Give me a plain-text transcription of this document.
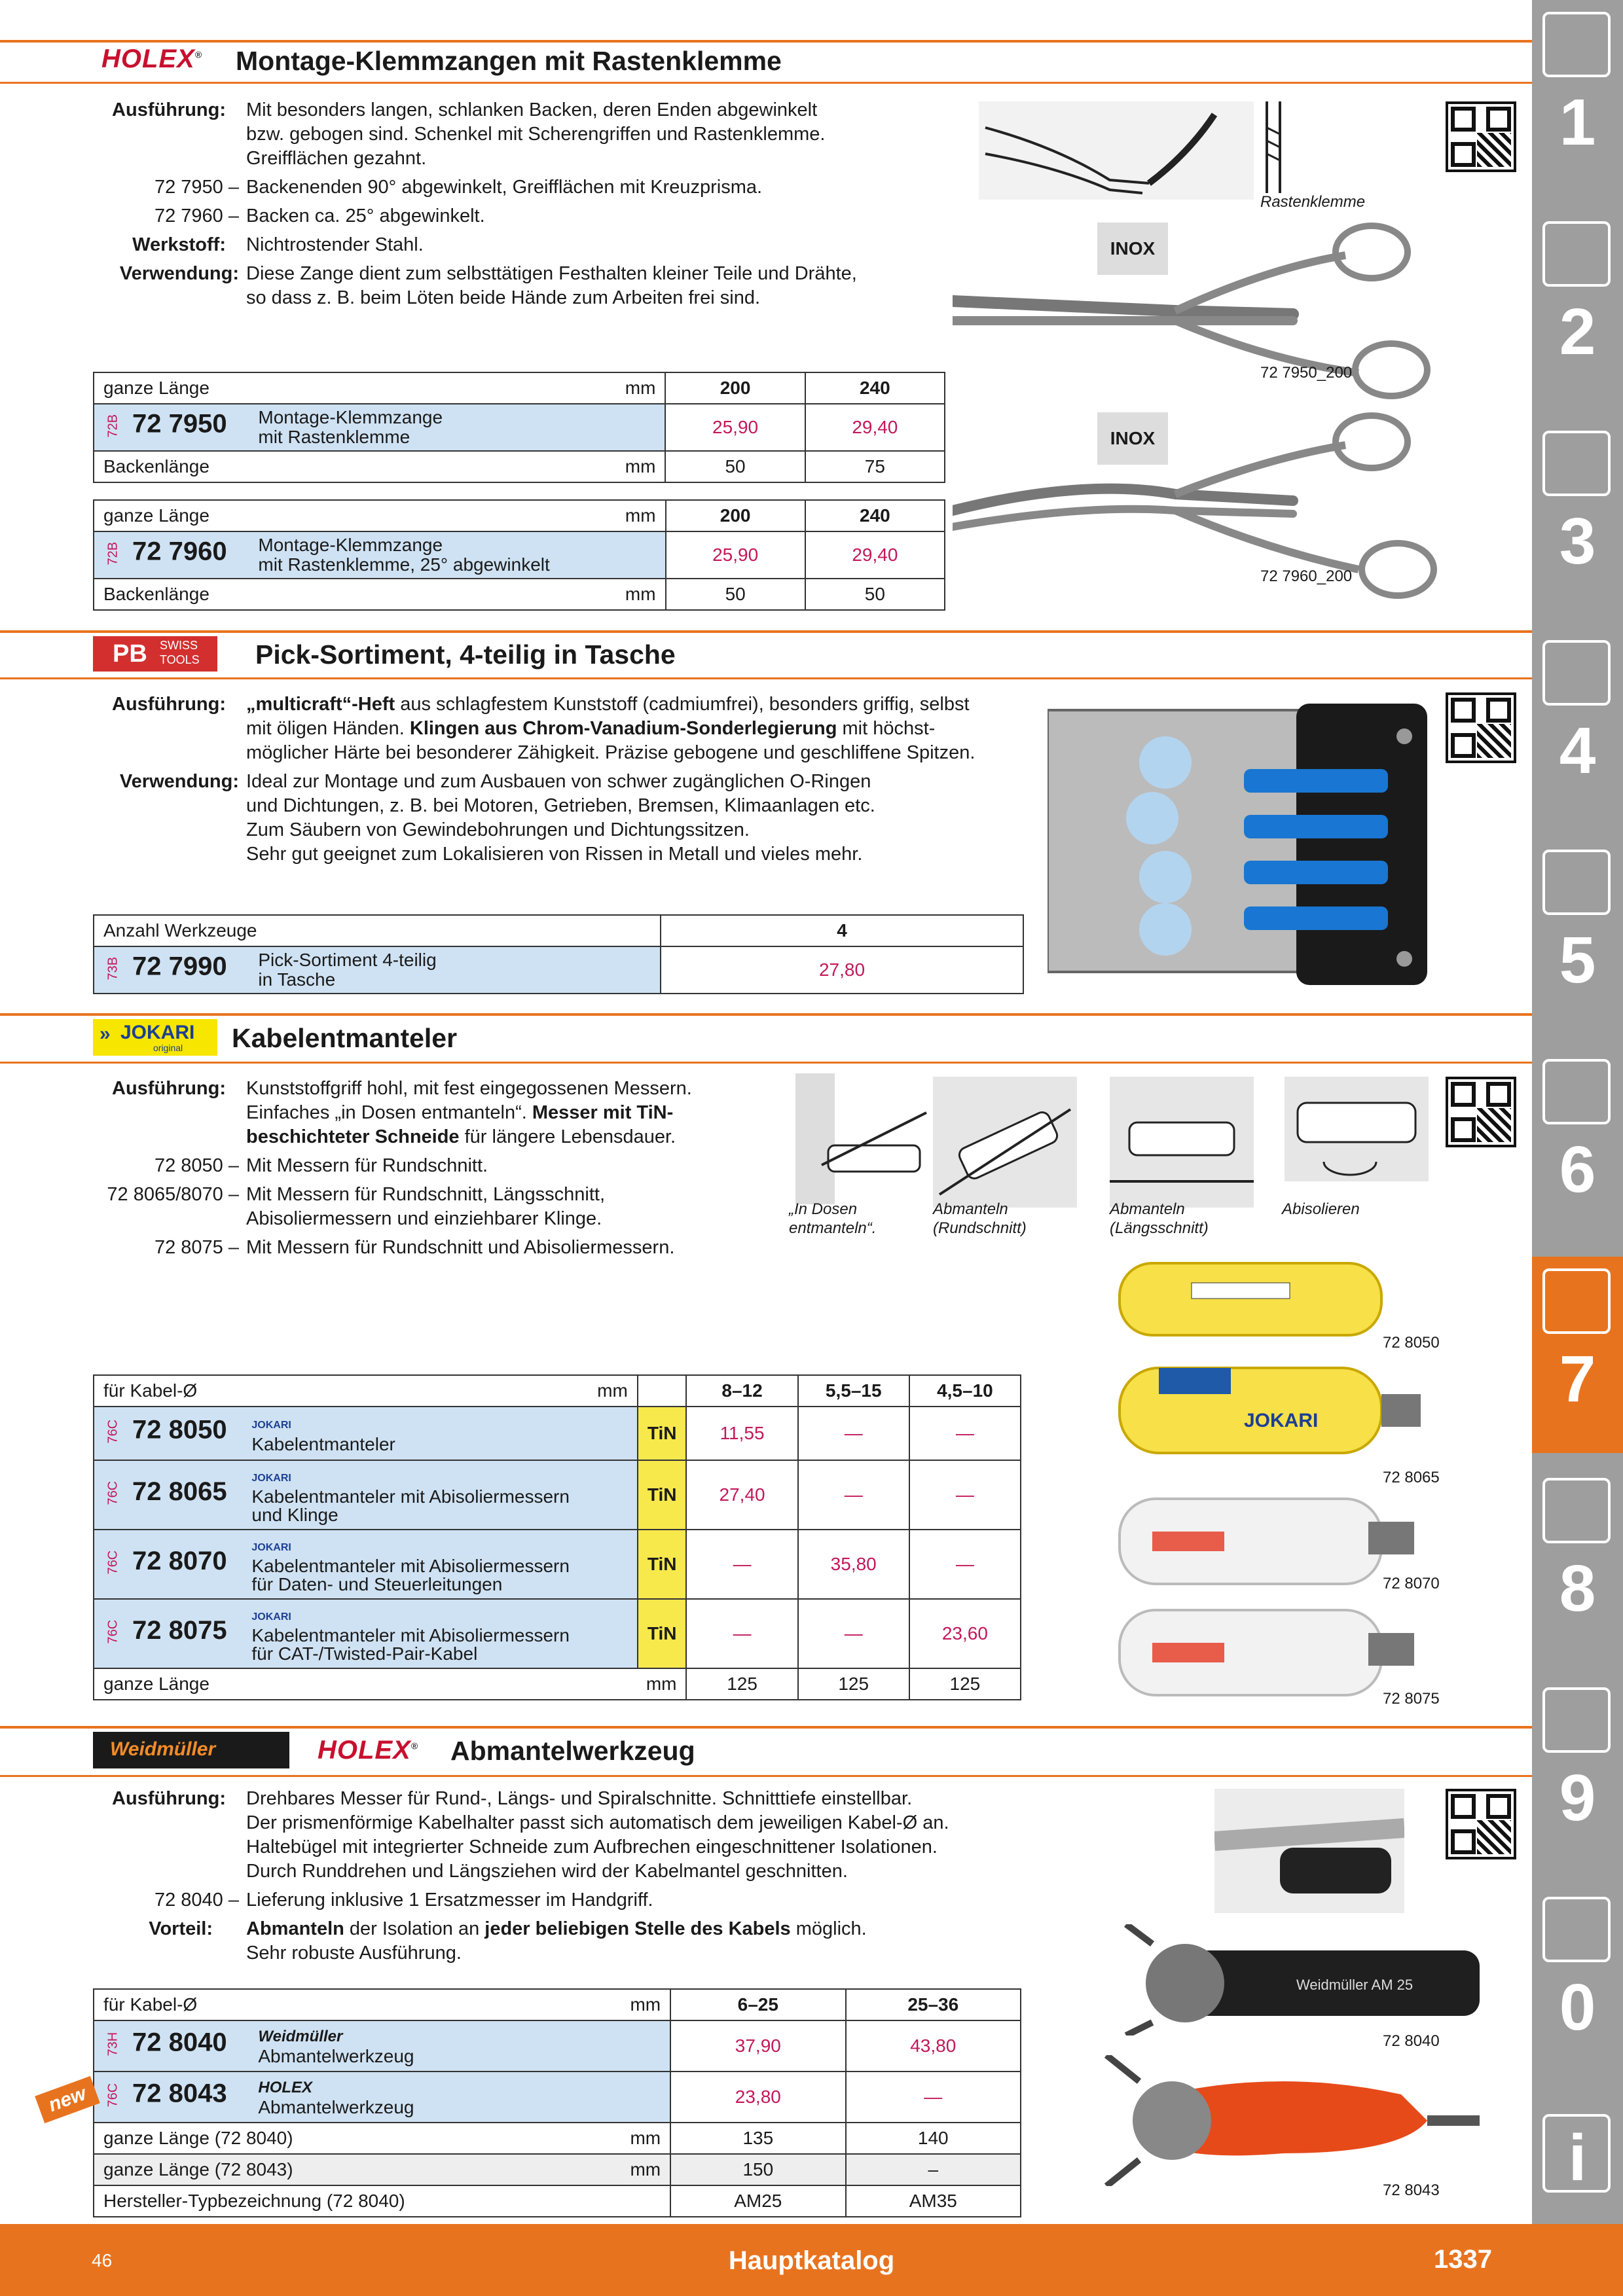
HOLEX® Montage-Klemmzangen mit Rastenklemme
Ausführung: Mit besonders langen, schlanken Backen, deren Enden abgewinkelt
bzw. gebogen sind. Schenkel mit Scherengriffen und Rastenklemme.
Greifflächen gezahnt.
72 7950 – Backenenden 90° abgewinkelt, Greifflächen mit Kreuzprisma.
72 7960 – Backen ca. 25° abgewinkelt.
Werkstoff: Nichtrostender Stahl.
Verwendung: Diese Zange dient zum selbsttätigen Festhalten kleiner Teile und Drähte,
so dass z. B. beim Löten beide Hände zum Arbeiten frei sind.
Rastenklemme
INOX
72 7950_200
INOX
72 7960_200
ganze Länge mm	200	240
72B 72 7950 Montage-Klemmzange
mit Rastenklemme	25,90	29,40
Backenlänge mm	50	75
ganze Länge mm	200	240
72B 72 7960 Montage-Klemmzange
mit Rastenklemme, 25° abgewinkelt	25,90	29,40
Backenlänge mm	50	50
PB SWISS
TOOLS Pick-Sortiment, 4-teilig in Tasche
Ausführung: „multicraft“-Heft aus schlagfestem Kunststoff (cadmiumfrei), besonders griffig, selbst
mit öligen Händen. Klingen aus Chrom-Vanadium-Sonderlegierung mit höchst-
möglicher Härte bei besonderer Zähigkeit. Präzise gebogene und geschliffene Spitzen.
Verwendung: Ideal zur Montage und zum Ausbauen von schwer zugänglichen O-Ringen
und Dichtungen, z. B. bei Motoren, Getrieben, Bremsen, Klimaanlagen etc.
Zum Säubern von Gewindebohrungen und Dichtungssitzen.
Sehr gut geeignet zum Lokalisieren von Rissen in Metall und vieles mehr.
Anzahl Werkzeuge	4
73B 72 7990 Pick-Sortiment 4-teilig
in Tasche	27,80
» JOKARI
original Kabelentmanteler
Ausführung: Kunststoffgriff hohl, mit fest eingegossenen Messern.
Einfaches „in Dosen entmanteln“. Messer mit TiN-
beschichteter Schneide für längere Lebensdauer.
72 8050 – Mit Messern für Rundschnitt.
72 8065/8070 – Mit Messern für Rundschnitt, Längsschnitt,
Abisoliermessern und einziehbarer Klinge.
72 8075 – Mit Messern für Rundschnitt und Abisoliermessern.
„In Dosen
entmanteln“.
Abmanteln
(Rundschnitt)
Abmanteln
(Längsschnitt)
Abisolieren
72 8050
JOKARI
72 8065
72 8070
72 8075
für Kabel-Ø mm		8–12	5,5–15	4,5–10
76C 72 8050 JOKARI
Kabelentmanteler	TiN	11,55	—	—
76C 72 8065 JOKARI
Kabelentmanteler mit Abisoliermessern
und Klinge	TiN	27,40	—	—
76C 72 8070 JOKARI
Kabelentmanteler mit Abisoliermessern
für Daten- und Steuerleitungen	TiN	—	35,80	—
76C 72 8075 JOKARI
Kabelentmanteler mit Abisoliermessern
für CAT-/Twisted-Pair-Kabel	TiN	—	—	23,60
ganze Länge mm		125	125	125
Weidmüller	HOLEX® Abmantelwerkzeug
Ausführung: Drehbares Messer für Rund-, Längs- und Spiralschnitte. Schnitttiefe einstellbar.
Der prismenförmige Kabelhalter passt sich automatisch dem jeweiligen Kabel-Ø an.
Haltebügel mit integrierter Schneide zum Aufbrechen eingeschnittener Isolationen.
Durch Runddrehen und Längsziehen wird der Kabelmantel geschnitten.
72 8040 – Lieferung inklusive 1 Ersatzmesser im Handgriff.
Vorteil: Abmanteln der Isolation an jeder beliebigen Stelle des Kabels möglich.
Sehr robuste Ausführung.
Weidmüller AM 25
72 8040
72 8043
für Kabel-Ø mm	6–25	25–36
73H 72 8040 Weidmüller
Abmantelwerkzeug	37,90	43,80
76C 72 8043 HOLEX
Abmantelwerkzeug	23,80	—
ganze Länge (72 8040) mm	135	140
ganze Länge (72 8043) mm	150	–
Hersteller-Typbezeichnung (72 8040)	AM25	AM35
new
1
2
3
4
5
6
7
8
9
0
i
46	Hauptkatalog	1337
